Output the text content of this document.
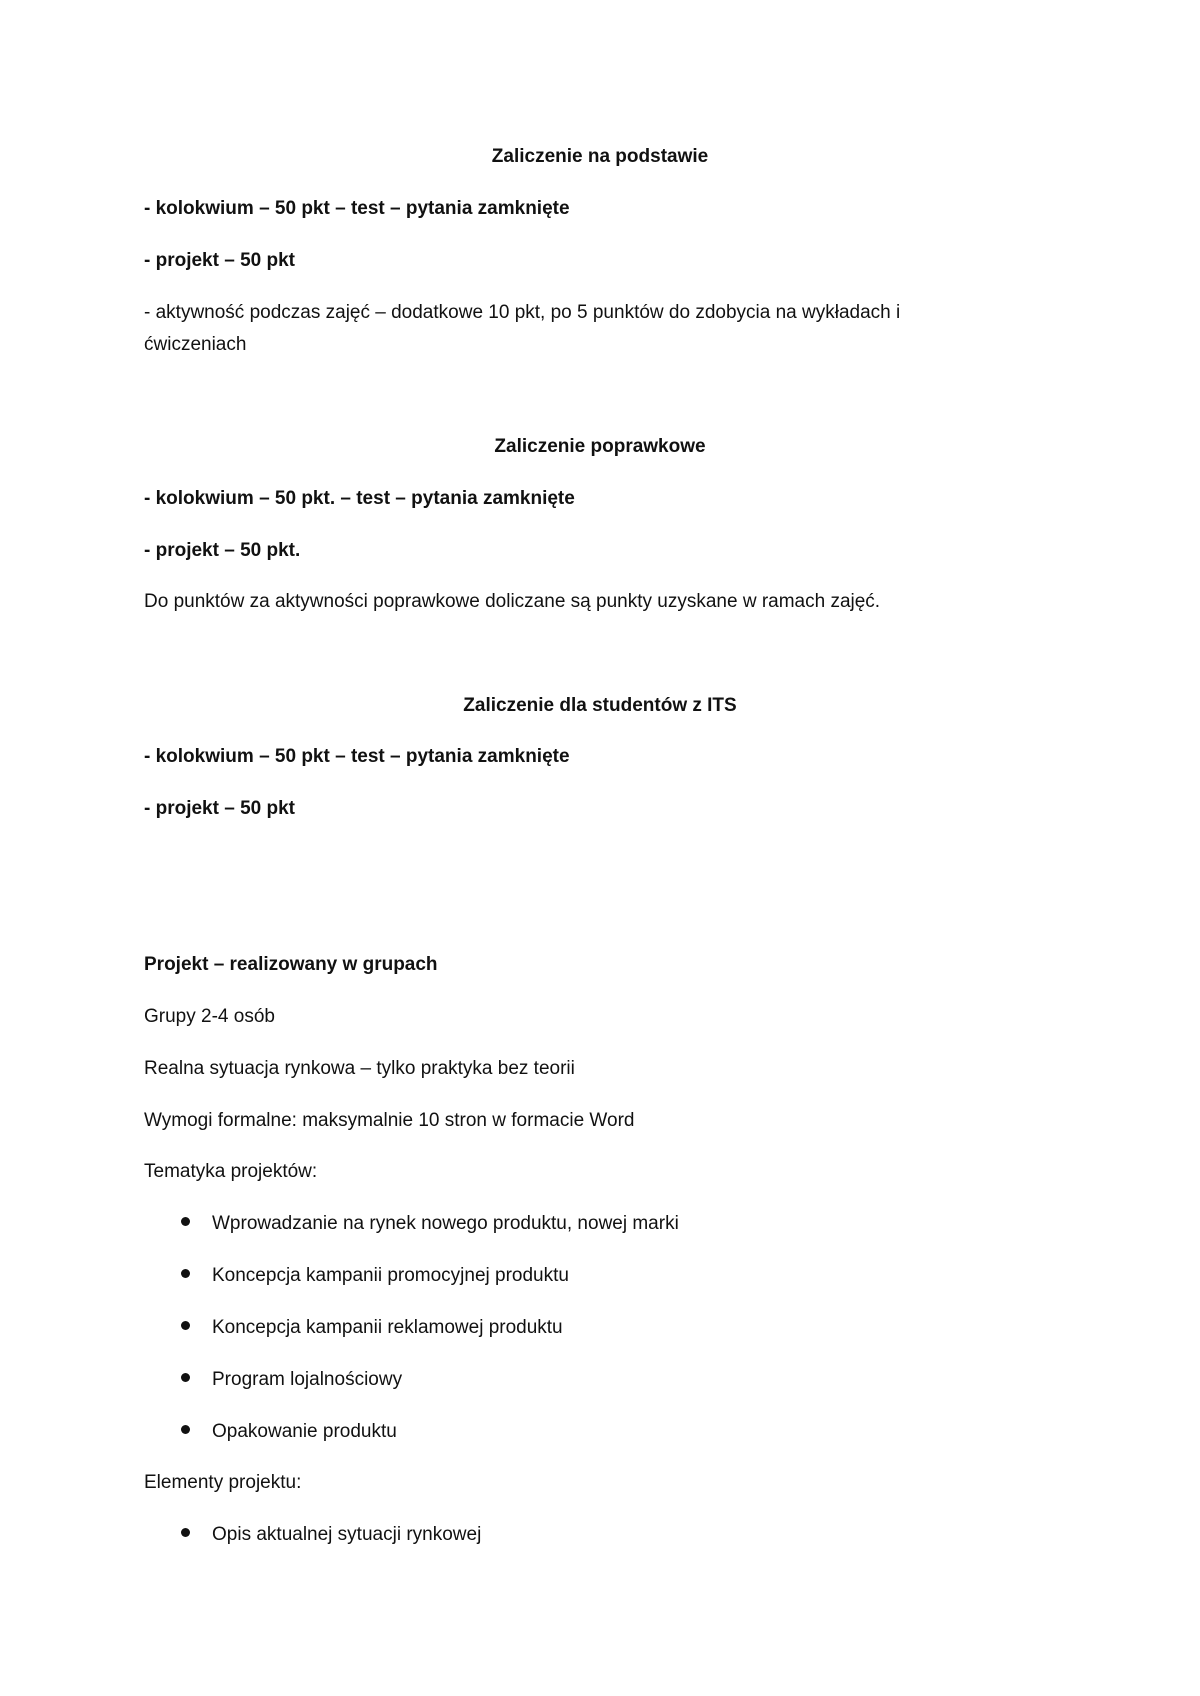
Zaliczenie na podstawie
- kolokwium – 50 pkt – test – pytania zamknięte
- projekt – 50 pkt
- aktywność podczas zajęć – dodatkowe 10 pkt, po 5 punktów do zdobycia na wykładach i
ćwiczeniach
Zaliczenie poprawkowe
- kolokwium – 50 pkt. – test – pytania zamknięte
- projekt – 50 pkt.
Do punktów za aktywności poprawkowe doliczane są punkty uzyskane w ramach zajęć.
Zaliczenie dla studentów z ITS
- kolokwium – 50 pkt – test – pytania zamknięte
- projekt – 50 pkt
Projekt – realizowany w grupach
Grupy 2-4 osób
Realna sytuacja rynkowa – tylko praktyka bez teorii
Wymogi formalne: maksymalnie 10 stron w formacie Word
Tematyka projektów:
Wprowadzanie na rynek nowego produktu, nowej marki
Koncepcja kampanii promocyjnej produktu
Koncepcja kampanii reklamowej produktu
Program lojalnościowy
Opakowanie produktu
Elementy projektu:
Opis aktualnej sytuacji rynkowej
